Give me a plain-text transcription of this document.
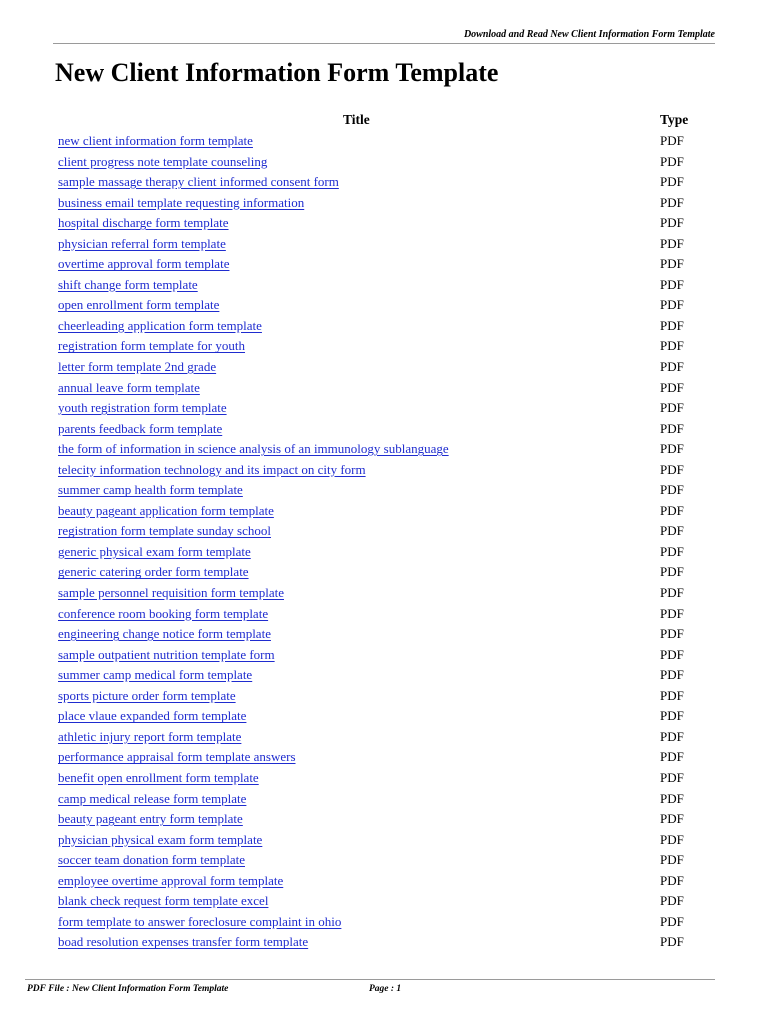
Download and Read New Client Information Form Template
New Client Information Form Template
Title	Type
new client information form template	PDF
client progress note template counseling	PDF
sample massage therapy client informed consent form	PDF
business email template requesting information	PDF
hospital discharge form template	PDF
physician referral form template	PDF
overtime approval form template	PDF
shift change form template	PDF
open enrollment form template	PDF
cheerleading application form template	PDF
registration form template for youth	PDF
letter form template 2nd grade	PDF
annual leave form template	PDF
youth registration form template	PDF
parents feedback form template	PDF
the form of information in science analysis of an immunology sublanguage	PDF
telecity information technology and its impact on city form	PDF
summer camp health form template	PDF
beauty pageant application form template	PDF
registration form template sunday school	PDF
generic physical exam form template	PDF
generic catering order form template	PDF
sample personnel requisition form template	PDF
conference room booking form template	PDF
engineering change notice form template	PDF
sample outpatient nutrition template form	PDF
summer camp medical form template	PDF
sports picture order form template	PDF
place vlaue expanded form template	PDF
athletic injury report form template	PDF
performance appraisal form template answers	PDF
benefit open enrollment form template	PDF
camp medical release form template	PDF
beauty pageant entry form template	PDF
physician physical exam form template	PDF
soccer team donation form template	PDF
employee overtime approval form template	PDF
blank check request form template excel	PDF
form template to answer foreclosure complaint in ohio	PDF
boad resolution expenses transfer form template	PDF
PDF File : New Client Information Form Template	Page : 1
